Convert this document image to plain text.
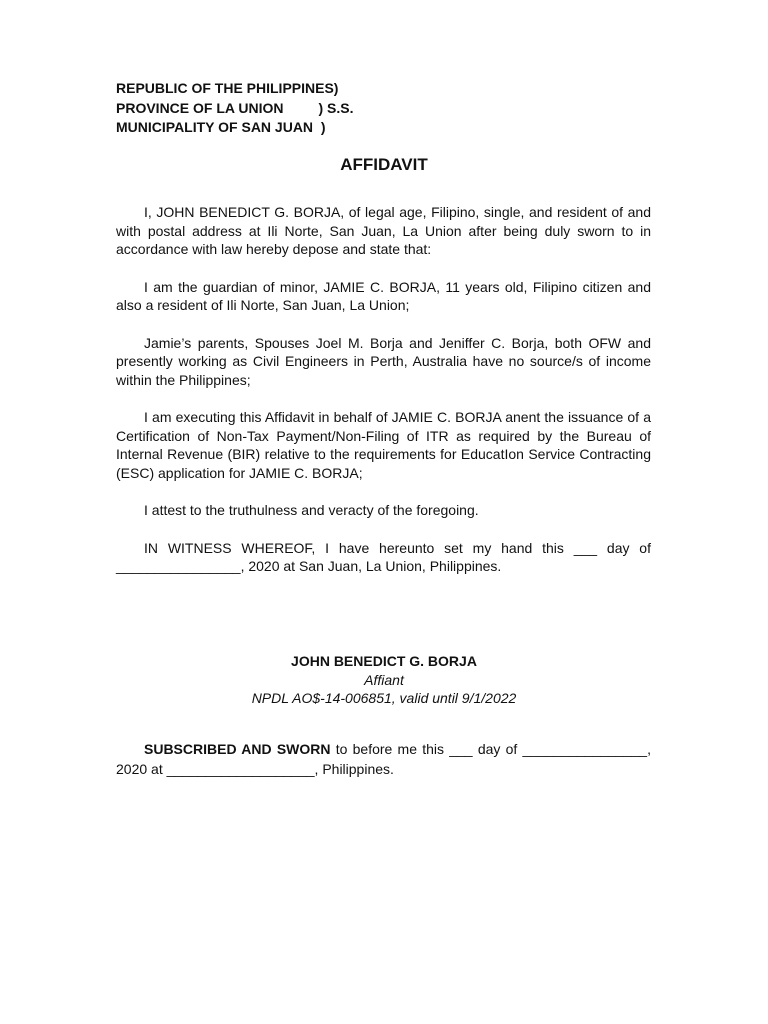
REPUBLIC OF THE PHILIPPINES)
PROVINCE OF LA UNION         ) S.S.
MUNICIPALITY OF SAN JUAN  )
AFFIDAVIT

I, JOHN BENEDICT G. BORJA, of legal age, Filipino, single, and resident of and with postal address at Ili Norte, San Juan, La Union after being duly sworn to in accordance with law hereby depose and state that:

I am the guardian of minor, JAMIE C. BORJA, 11 years old, Filipino citizen and also a resident of Ili Norte, San Juan, La Union;

Jamie’s parents, Spouses Joel M. Borja and Jeniffer C. Borja, both OFW and presently working as Civil Engineers in Perth, Australia have no source/s of income within the Philippines;

I am executing this Affidavit in behalf of JAMIE C. BORJA anent the issuance of a Certification of Non-Tax Payment/Non-Filing of ITR as required by the Bureau of Internal Revenue (BIR) relative to the requirements for EducatIon Service Contracting (ESC) application for JAMIE C. BORJA;

I attest to the truthulness and veracty of the foregoing.

IN WITNESS WHEREOF, I have hereunto set my hand this ___ day of ________________, 2020 at San Juan, La Union, Philippines.

JOHN BENEDICT G. BORJA
Affiant
NPDL AO$-14-006851, valid until 9/1/2022

SUBSCRIBED AND SWORN to before me this ___ day of ________________, 2020 at ___________________, Philippines.
